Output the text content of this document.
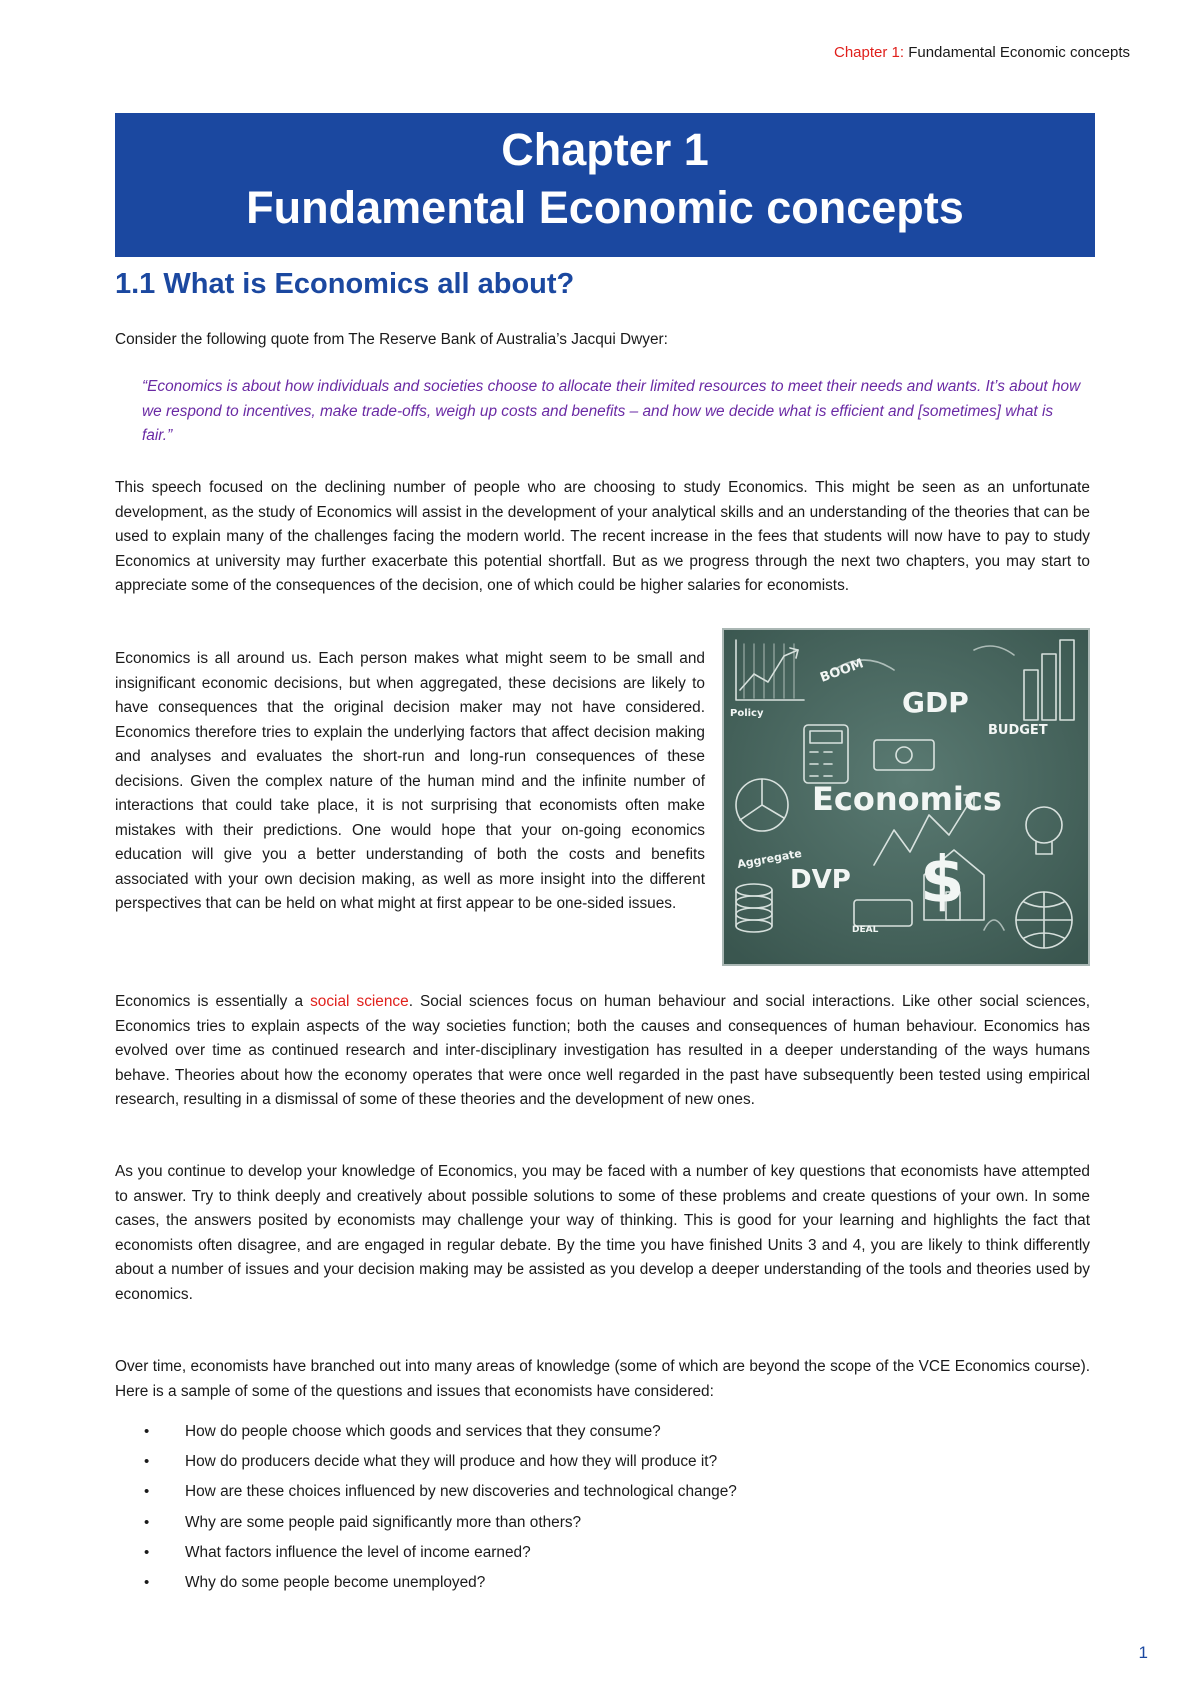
Chapter 1: Fundamental Economic concepts
Chapter 1
Fundamental Economic concepts
1.1 What is Economics all about?

Consider the following quote from The Reserve Bank of Australia’s Jacqui Dwyer:

“Economics is about how individuals and societies choose to allocate their limited resources to meet their needs and wants. It’s about how we respond to incentives, make trade-offs, weigh up costs and benefits – and how we decide what is efficient and [sometimes] what is fair.”

This speech focused on the declining number of people who are choosing to study Economics. This might be seen as an unfortunate development, as the study of Economics will assist in the development of your analytical skills and an understanding of the theories that can be used to explain many of the challenges facing the modern world. The recent increase in the fees that students will now have to pay to study Economics at university may further exacerbate this potential shortfall. But as we progress through the next two chapters, you may start to appreciate some of the consequences of the decision, one of which could be higher salaries for economists.

Economics is all around us. Each person makes what might seem to be small and insignificant economic decisions, but when aggregated, these decisions are likely to have consequences that the original decision maker may not have considered. Economics therefore tries to explain the underlying factors that affect decision making and analyses and evaluates the short-run and long-run consequences of these decisions. Given the complex nature of the human mind and the infinite number of interactions that could take place, it is not surprising that economists often make mistakes with their predictions. One would hope that your on-going economics education will give you a better understanding of both the costs and benefits associated with your own decision making, as well as more insight into the different perspectives that can be held on what might at first appear to be one-sided issues.

Economics
GDP
BUDGET
Policy
BOOM
Aggregate
DVP
DEAL
$

Economics is essentially a social science. Social sciences focus on human behaviour and social interactions. Like other social sciences, Economics tries to explain aspects of the way societies function; both the causes and consequences of human behaviour. Economics has evolved over time as continued research and inter-disciplinary investigation has resulted in a deeper understanding of the ways humans behave. Theories about how the economy operates that were once well regarded in the past have subsequently been tested using empirical research, resulting in a dismissal of some of these theories and the development of new ones.

As you continue to develop your knowledge of Economics, you may be faced with a number of key questions that economists have attempted to answer. Try to think deeply and creatively about possible solutions to some of these problems and create questions of your own. In some cases, the answers posited by economists may challenge your way of thinking. This is good for your learning and highlights the fact that economists often disagree, and are engaged in regular debate. By the time you have finished Units 3 and 4, you are likely to think differently about a number of issues and your decision making may be assisted as you develop a deeper understanding of the tools and theories used by economics.

Over time, economists have branched out into many areas of knowledge (some of which are beyond the scope of the VCE Economics course). Here is a sample of some of the questions and issues that economists have considered:

• How do people choose which goods and services that they consume?
• How do producers decide what they will produce and how they will produce it?
• How are these choices influenced by new discoveries and technological change?
• Why are some people paid significantly more than others?
• What factors influence the level of income earned?
• Why do some people become unemployed?
1
